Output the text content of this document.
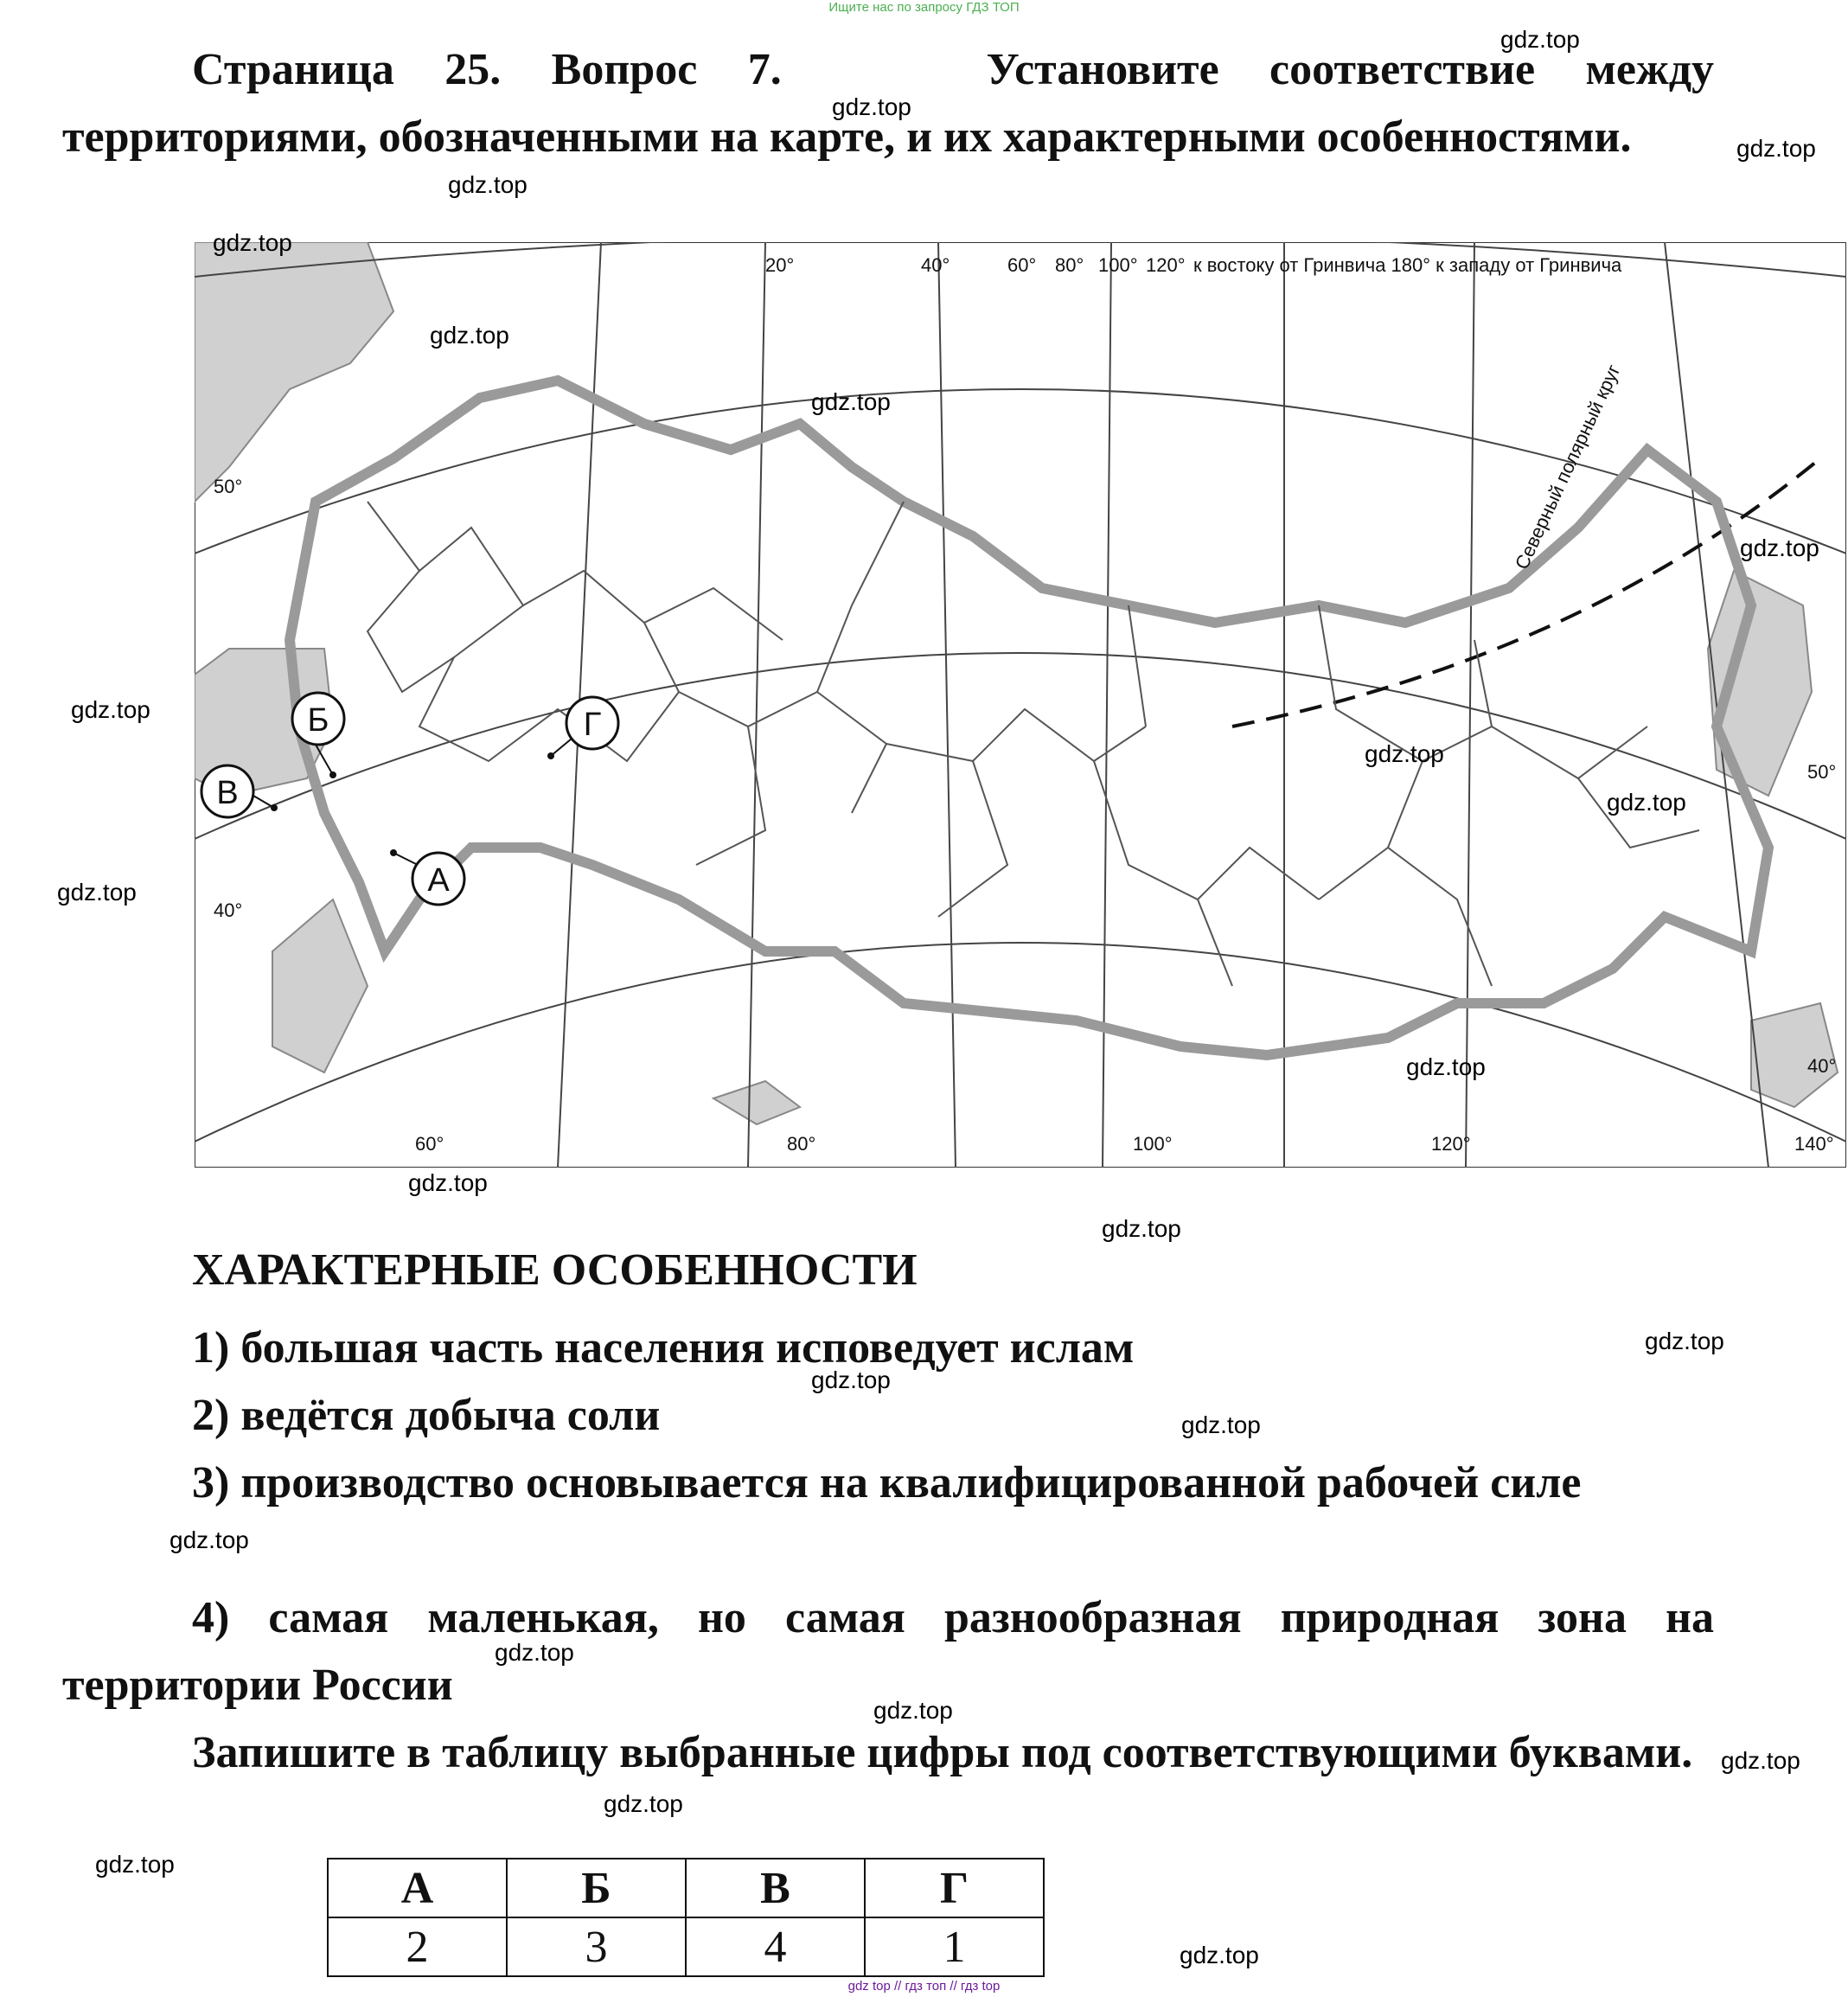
Ищите нас по запросу ГДЗ ТОП
Страница 25. Вопрос 7.	Установите соответствие между территориями, обозначенными на карте, и их характерными особенностями.
20°	40°	60° 80° 100° 120° к востоку от Гринвича 180° к западу от Гринвича
Северный полярный круг
50°
40°
50°
40°
60°	80°	100°	120°	140°
А
Б
В
Г
ХАРАКТЕРНЫЕ ОСОБЕННОСТИ
1) большая часть населения исповедует ислам
2) ведётся добыча соли
3) производство основывается на квалифицированной рабочей силе
4) самая маленькая, но самая разнообразная природная зона на территории России
Запишите в таблицу выбранные цифры под соответствующими буквами.
А	Б	В	Г
2	3	4	1
gdz.top
gdz.top
gdz.top
gdz.top
gdz.top
gdz.top
gdz.top
gdz.top
gdz.top
gdz.top
gdz.top
gdz.top
gdz.top
gdz.top
gdz.top
gdz.top
gdz.top
gdz.top
gdz.top
gdz.top
gdz.top
gdz.top
gdz.top
gdz.top
gdz.top
gdz top // гдз топ // гдз top
